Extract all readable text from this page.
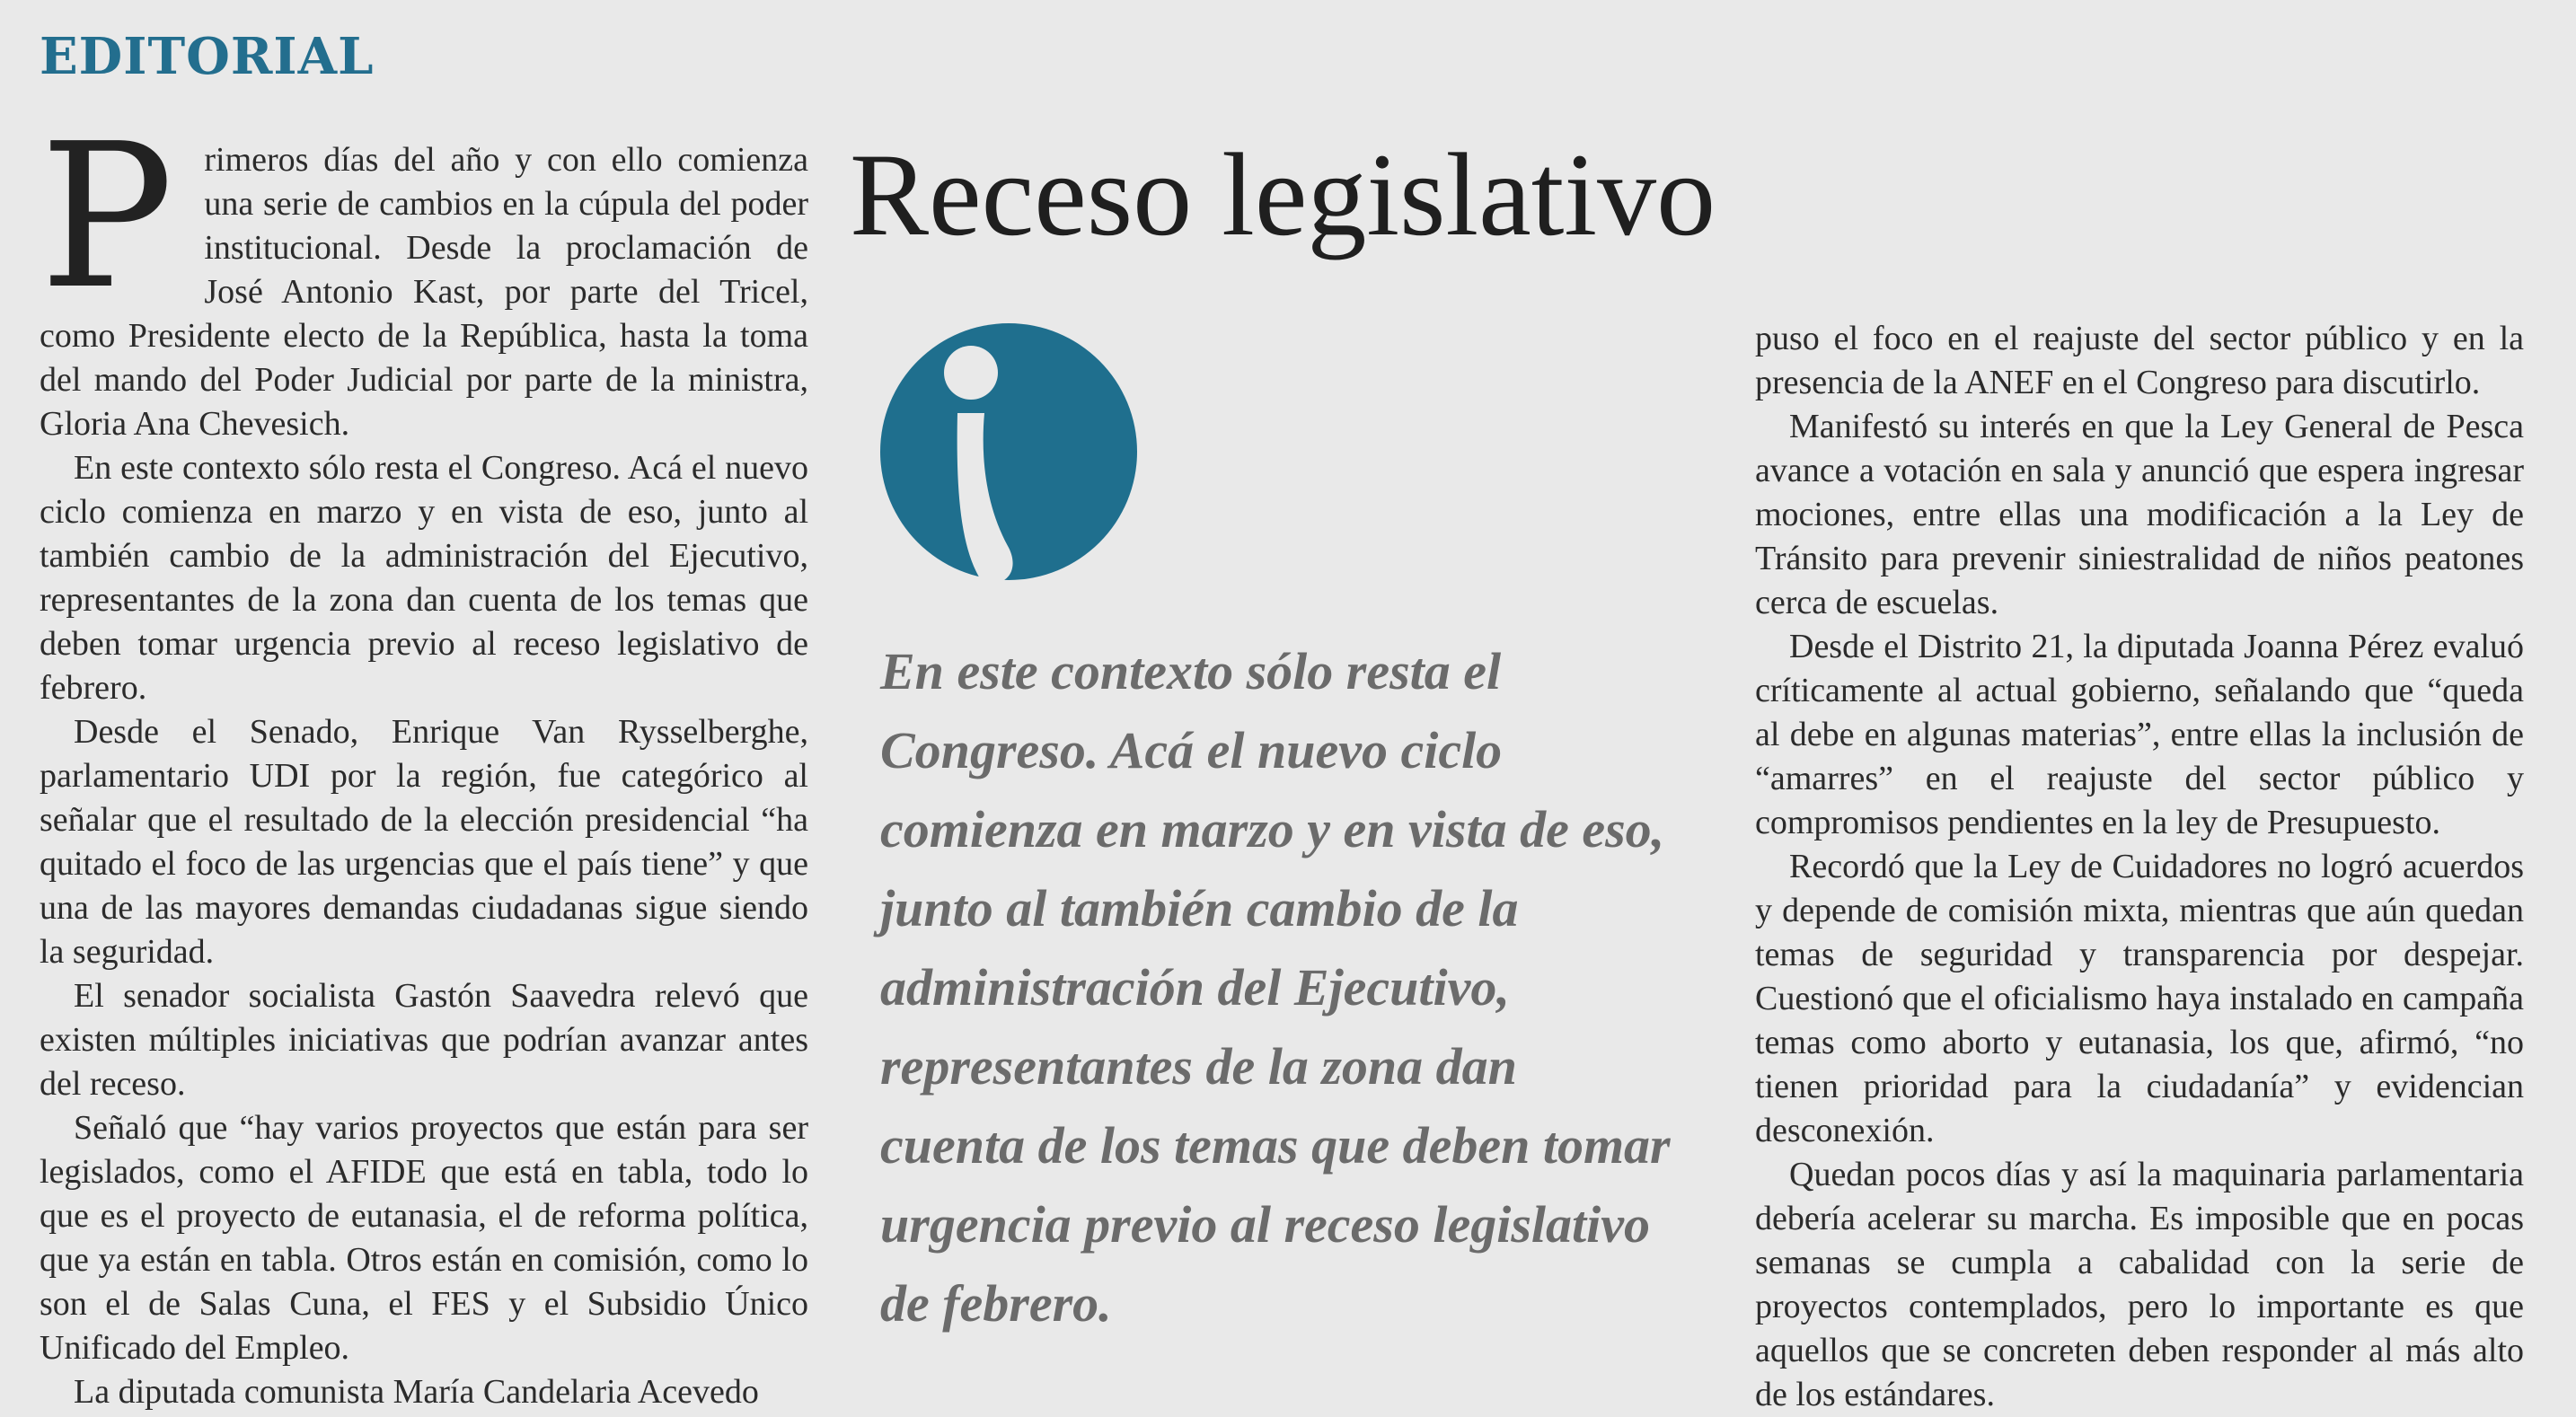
EDITORIAL

Primeros días del año y con ello comienza una serie de cambios en la cúpula del poder institucional. Desde la proclamación de José Antonio Kast, por parte del Tricel, como Presidente electo de la República, hasta la toma del mando del Poder Judicial por parte de la ministra, Gloria Ana Chevesich.

En este contexto sólo resta el Congreso. Acá el nuevo ciclo comienza en marzo y en vista de eso, junto al también cambio de la administración del Ejecutivo, representantes de la zona dan cuenta de los temas que deben tomar urgencia previo al receso legislativo de febrero.

Desde el Senado, Enrique Van Rysselberghe, parlamentario UDI por la región, fue categórico al señalar que el resultado de la elección presidencial “ha quitado el foco de las urgencias que el país tiene” y que una de las mayores demandas ciudadanas sigue siendo la seguridad.

El senador socialista Gastón Saavedra relevó que existen múltiples iniciativas que podrían avanzar antes del receso.

Señaló que “hay varios proyectos que están para ser legislados, como el AFIDE que está en tabla, todo lo que es el proyecto de eutanasia, el de reforma política, que ya están en tabla. Otros están en comisión, como lo son el de Salas Cuna, el FES y el Subsidio Único Unificado del Empleo.

La diputada comunista María Candelaria Acevedo

Receso legislativo
En este contexto sólo resta el Congreso. Acá el nuevo ciclo comienza en marzo y en vista de eso, junto al también cambio de la administración del Ejecutivo, representantes de la zona dan cuenta de los temas que deben tomar urgencia previo al receso legislativo de febrero.

puso el foco en el reajuste del sector público y en la presencia de la ANEF en el Congreso para discutirlo.

Manifestó su interés en que la Ley General de Pesca avance a votación en sala y anunció que espera ingresar mociones, entre ellas una modificación a la Ley de Tránsito para prevenir siniestralidad de niños peatones cerca de escuelas.

Desde el Distrito 21, la diputada Joanna Pérez evaluó críticamente al actual gobierno, señalando que “queda al debe en algunas materias”, entre ellas la inclusión de “amarres” en el reajuste del sector público y compromisos pendientes en la ley de Presupuesto.

Recordó que la Ley de Cuidadores no logró acuerdos y depende de comisión mixta, mientras que aún quedan temas de seguridad y transparencia por despejar. Cuestionó que el oficialismo haya instalado en campaña temas como aborto y eutanasia, los que, afirmó, “no tienen prioridad para la ciudadanía” y evidencian desconexión.

Quedan pocos días y así la maquinaria parlamentaria debería acelerar su marcha. Es imposible que en pocas semanas se cumpla a cabalidad con la serie de proyectos contemplados, pero lo importante es que aquellos que se concreten deben responder al más alto de los estándares.
